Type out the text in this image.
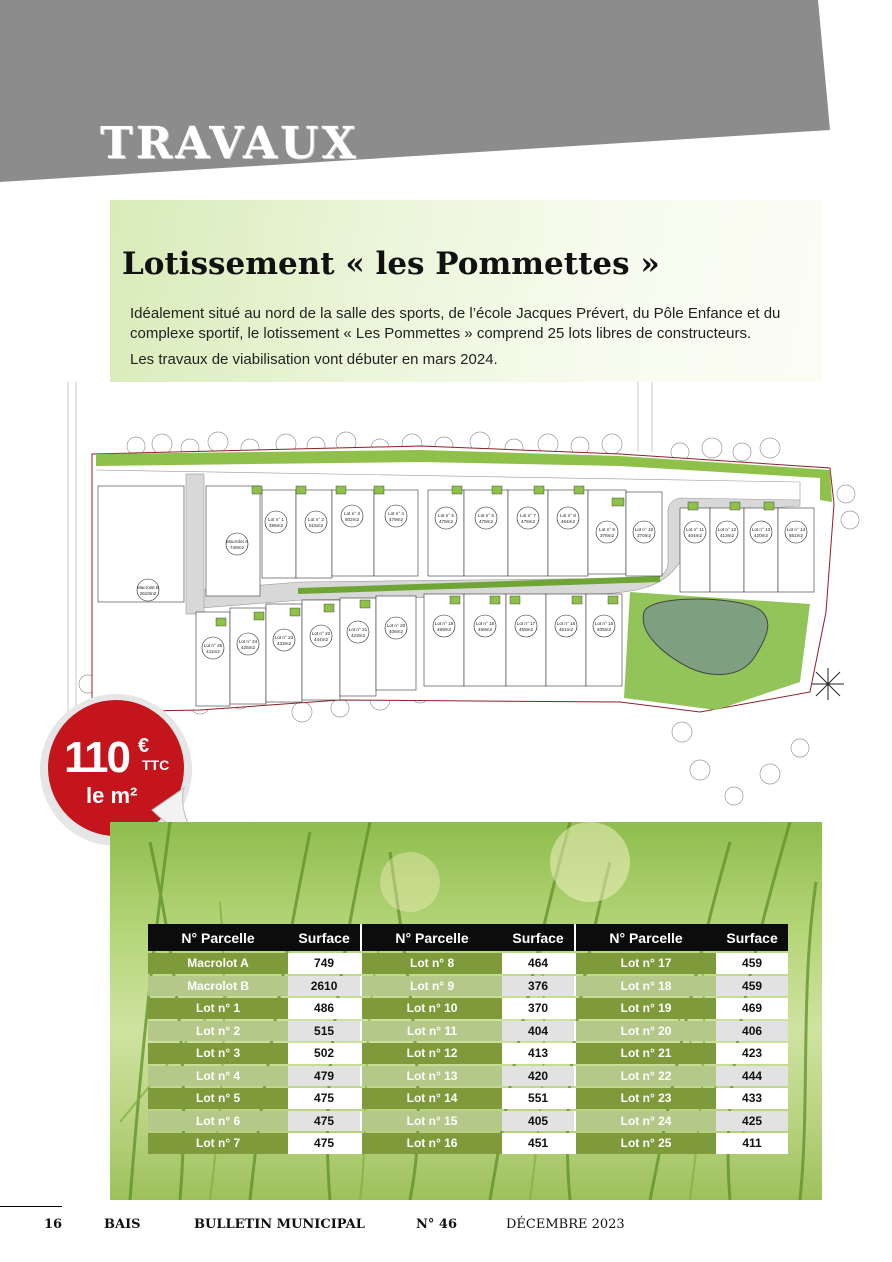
TRAVAUX
Lotissement « les Pommettes »

Idéalement situé au nord de la salle des sports, de l’école Jacques Prévert, du Pôle Enfance et du complexe sportif, le lotissement « Les Pommettes » comprend 25 lots libres de constructeurs.

Les travaux de viabilisation vont débuter en mars 2024.

Macrolot A
749m2
Macrolot B
2610m2
Lot n° 1
486m2
Lot n° 2
515m2
Lot n° 3
502m2
Lot n° 4
479m2
Lot n° 5
475m2
Lot n° 6
475m2
Lot n° 7
475m2
Lot n° 8
464m2
Lot n° 9
376m2
Lot n° 10
370m2
Lot n° 11
404m2
Lot n° 12
413m2
Lot n° 13
420m2
Lot n° 14
551m2
Lot n° 25
411m2
Lot n° 24
425m2
Lot n° 23
433m2
Lot n° 22
444m2
Lot n° 21
423m2
Lot n° 20
406m2
Lot n° 19
469m2
Lot n° 18
459m2
Lot n° 17
459m2
Lot n° 16
451m2
Lot n° 15
405m2
110 €
TTC
le m²
N° Parcelle	Surface	N° Parcelle	Surface	N° Parcelle	Surface
Macrolot A	749	Lot n° 8	464	Lot n° 17	459
Macrolot B	2610	Lot n° 9	376	Lot n° 18	459
Lot n° 1	486	Lot n° 10	370	Lot n° 19	469
Lot n° 2	515	Lot n° 11	404	Lot n° 20	406
Lot n° 3	502	Lot n° 12	413	Lot n° 21	423
Lot n° 4	479	Lot n° 13	420	Lot n° 22	444
Lot n° 5	475	Lot n° 14	551	Lot n° 23	433
Lot n° 6	475	Lot n° 15	405	Lot n° 24	425
Lot n° 7	475	Lot n° 16	451	Lot n° 25	411
16	BAIS	BULLETIN MUNICIPAL	N° 46	DÉCEMBRE 2023
